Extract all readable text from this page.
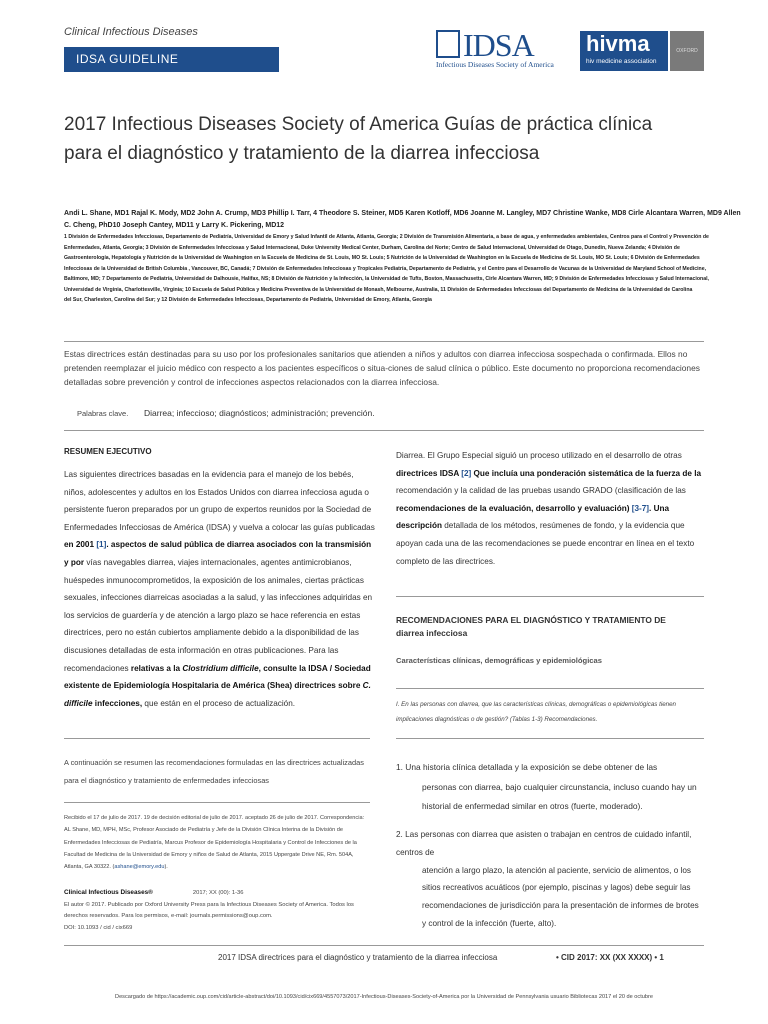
Clinical Infectious Diseases
IDSA GUIDELINE	IDSA
Infectious Diseases Society of America
hivma
hiv medicine association
OXFORD
2017 Infectious Diseases Society of America Guías de práctica clínica
para el diagnóstico y tratamiento de la diarrea infecciosa
Andi L. Shane, MD1 Rajal K. Mody, MD2 John A. Crump, MD3 Phillip I. Tarr, 4 Theodore S. Steiner, MD5 Karen Kotloff, MD6 Joanne M. Langley, MD7 Christine Wanke, MD8 Cirle Alcantara Warren, MD9 Allen
C. Cheng, PhD10 Joseph Cantey, MD11 y Larry K. Pickering, MD12
1 División de Enfermedades Infecciosas, Departamento de Pediatría, Universidad de Emory y Salud Infantil de Atlanta, Atlanta, Georgia; 2 División de Transmisión Alimentaria, a base de agua, y enfermedades ambientales, Centros para el Control y Prevención de
Enfermedades, Atlanta, Georgia; 3 División de Enfermedades Infecciosas y Salud Internacional, Duke University Medical Center, Durham, Carolina del Norte; Centro de Salud Internacional, Universidad de Otago, Dunedin, Nueva Zelanda; 4 División de
Gastroenterología, Hepatología y Nutrición de la Universidad de Washington en la Escuela de Medicina de St. Louis, MO St. Louis; 5 Nutrición de la Universidad de Washington en la Escuela de Medicina de St. Louis, MO St. Louis; 6 División de Enfermedades
Infecciosas de la Universidad de British Columbia , Vancouver, BC, Canadá; 7 División de Enfermedades Infecciosas y Tropicales Pediatría, Departamento de Pediatría, y el Centro para el Desarrollo de Vacunas de la Universidad de Maryland School of Medicine,
Baltimore, MD; 7 Departamento de Pediatría, Universidad de Dalhousie, Halifax, NS; 8 División de Nutrición y la Infección, la Universidad de Tufts, Boston, Massachusetts, Cirle Alcantara Warren, MD; 9 División de Enfermedades Infecciosas y Salud Internacional,
Universidad de Virginia, Charlottesville, Virginia; 10 Escuela de Salud Pública y Medicina Preventiva de la Universidad de Monash, Melbourne, Australia, 11 División de Enfermedades Infecciosas del Departamento de Medicina de la Universidad de Carolina
del Sur, Charleston, Carolina del Sur; y 12 División de Enfermedades Infecciosas, Departamento de Pediatría, Universidad de Emory, Atlanta, Georgia
Estas directrices están destinadas para su uso por los profesionales sanitarios que atienden a niños y adultos con diarrea infecciosa sospechada o confirmada. Ellos no pretenden reemplazar el juicio médico con respecto a los pacientes específicos o situa-ciones de salud clínica o público. Este documento no proporciona recomendaciones detalladas sobre prevención y control de infecciones aspectos relacionados con la diarrea infecciosa.
Palabras clave. Diarrea; infeccioso; diagnósticos; administración; prevención.
RESUMEN EJECUTIVO
Las siguientes directrices basadas en la evidencia para el manejo de los bebés, niños, adolescentes y adultos en los Estados Unidos con diarrea infecciosa aguda o persistente fueron preparados por un grupo de expertos reunidos por la Sociedad de Enfermedades Infecciosas de América (IDSA) y vuelva a colocar las guías publicadas en 2001 [1]. aspectos de salud pública de diarrea asociados con la transmisión y por vías navegables diarrea, viajes internacionales, agentes antimicrobianos, huéspedes inmunocomprometidos, la exposición de los animales, ciertas prácticas sexuales, infecciones diarreicas asociadas a la salud, y las infecciones adquiridas en los servicios de guardería y de atención a largo plazo se hace referencia en estas directrices, pero no están cubiertos ampliamente debido a la disponibilidad de las discusiones detalladas de esta información en otras publicaciones. Para las recomendaciones relativas a la Clostridium difficile, consulte la IDSA / Sociedad existente de Epidemiología Hospitalaria de América (Shea) directrices sobre C. difficile infecciones, que están en el proceso de actualización.
Diarrea. El Grupo Especial siguió un proceso utilizado en el desarrollo de otras directrices IDSA [2] Que incluía una ponderación sistemática de la fuerza de la recomendación y la calidad de las pruebas usando GRADO (clasificación de las recomendaciones de la evaluación, desarrollo y evaluación) [3-7]. Una descripción detallada de los métodos, resúmenes de fondo, y la evidencia que apoyan cada una de las recomendaciones se puede encontrar en línea en el texto completo de las directrices.
RECOMENDACIONES PARA EL DIAGNÓSTICO Y TRATAMIENTO DE diarrea infecciosa
Características clínicas, demográficas y epidemiológicas
I. En las personas con diarrea, que las características clínicas, demográficas o epidemiológicas tienen implicaciones diagnósticas o de gestión? (Tablas 1-3) Recomendaciones.
1. Una historia clínica detallada y la exposición se debe obtener de las
personas con diarrea, bajo cualquier circunstancia, incluso cuando hay un historial de enfermedad similar en otros (fuerte, moderado).
2. Las personas con diarrea que asisten o trabajan en centros de cuidado infantil, centros de
atención a largo plazo, la atención al paciente, servicio de alimentos, o los sitios recreativos acuáticos (por ejemplo, piscinas y lagos) debe seguir las recomendaciones de jurisdicción para la presentación de informes de brotes y control de la infección (fuerte, alto).
A continuación se resumen las recomendaciones formuladas en las directrices actualizadas para el diagnóstico y tratamiento de enfermedades infecciosas
Recibido el 17 de julio de 2017. 19 de decisión editorial de julio de 2017. aceptado 26 de julio de 2017. Correspondencia: AL Shane, MD, MPH, MSc, Profesor Asociado de Pediatría y Jefe de la División Clínica Interina de la División de Enfermedades Infecciosas de Pediatría, Marcus Profesor de Epidemiología Hospitalaria y Control de Infecciones de la Facultad de Medicina de la Universidad de Emory y niños de Salud de Atlanta, 2015 Uppergate Drive NE, Rm. 504A, Atlanta, GA 30322. (ashane@emory.edu).
Clinical Infectious Diseases®	2017; XX (00): 1-36
El autor © 2017. Publicado por Oxford University Press para la Infectious Diseases Society of America. Todos los
derechos reservados. Para los permisos, e-mail: journals.permissions@oup.com.
DOI: 10.1093 / cid / cix669
2017 IDSA directrices para el diagnóstico y tratamiento de la diarrea infecciosa	• CID 2017: XX (XX XXXX) • 1
Descargado de https://academic.oup.com/cid/article-abstract/doi/10.1093/cid/cix669/4557073/2017-Infectious-Diseases-Society-of-America por la Universidad de Pennsylvania usuario Bibliotecas 2017 el 20 de octubre
